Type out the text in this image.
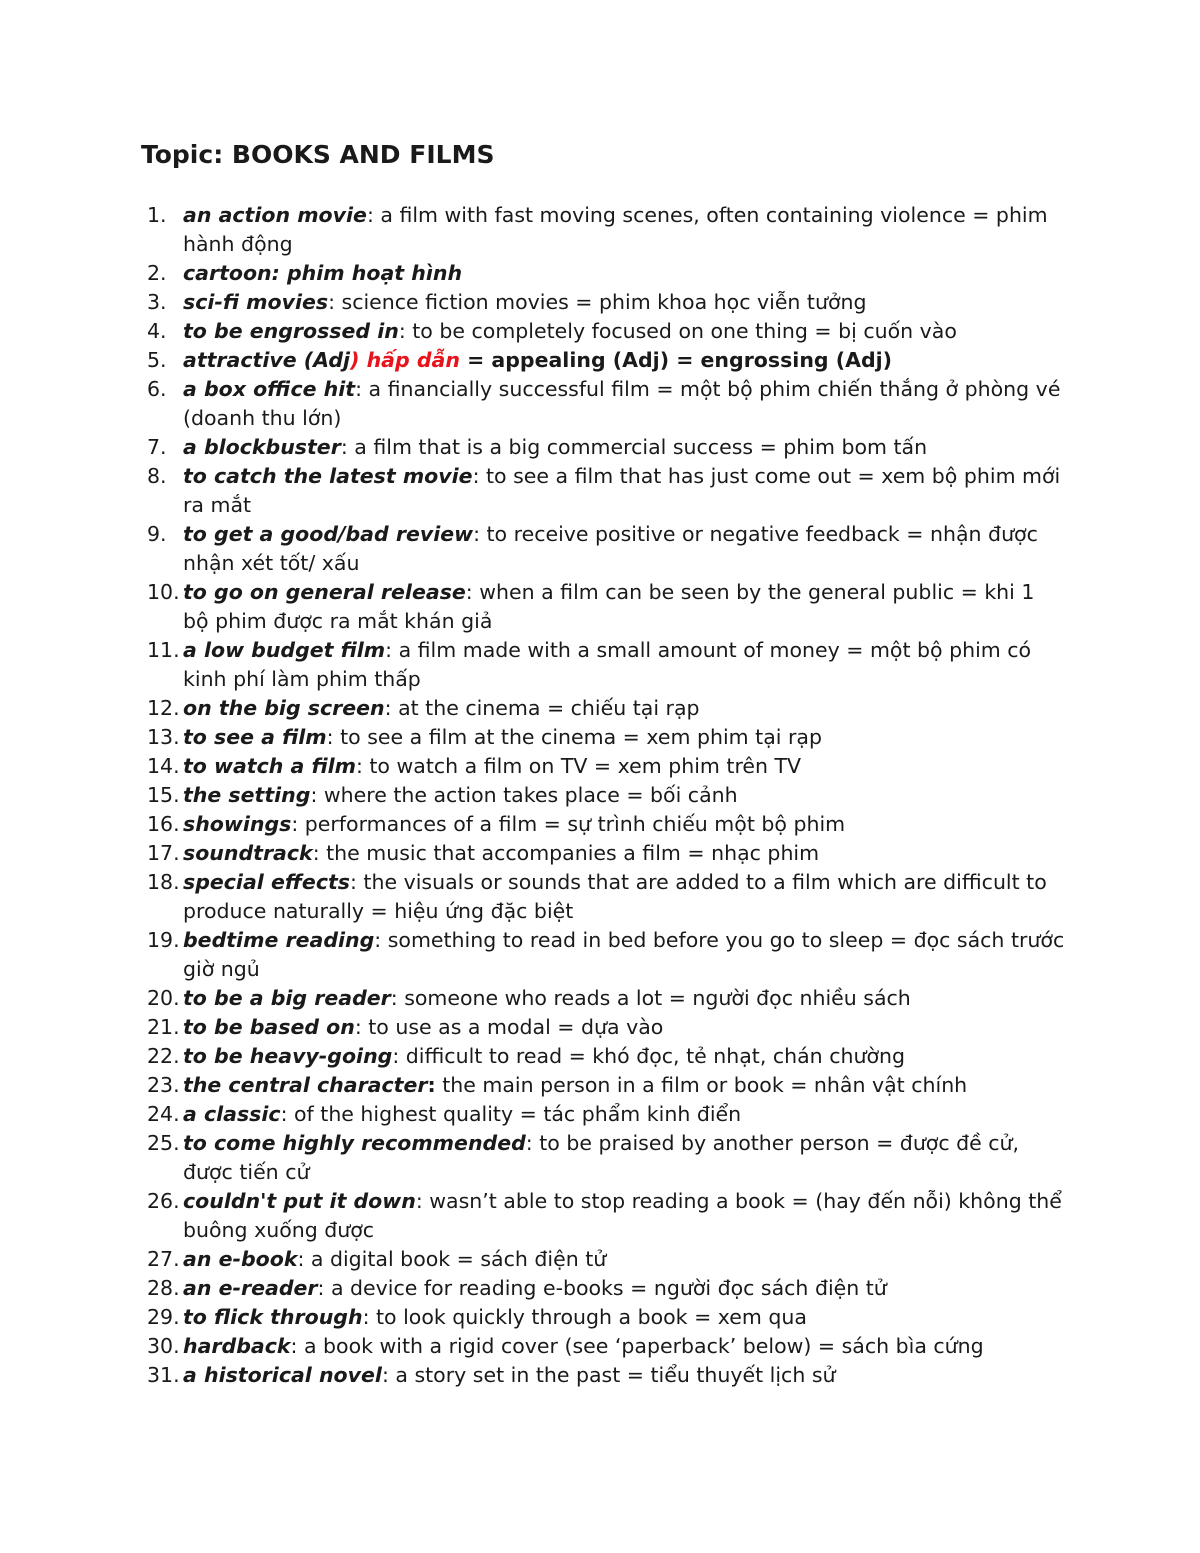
Topic: BOOKS AND FILMS
1. an action movie: a film with fast moving scenes, often containing violence = phim hành động
2. cartoon: phim hoạt hình
3. sci-fi movies: science fiction movies = phim khoa học viễn tưởng
4. to be engrossed in: to be completely focused on one thing = bị cuốn vào
5. attractive (Adj) hấp dẫn = appealing (Adj) = engrossing (Adj)
6. a box office hit: a financially successful film = một bộ phim chiến thắng ở phòng vé (doanh thu lớn)
7. a blockbuster: a film that is a big commercial success = phim bom tấn
8. to catch the latest movie: to see a film that has just come out = xem bộ phim mới ra mắt
9. to get a good/bad review: to receive positive or negative feedback = nhận được nhận xét tốt/ xấu
10. to go on general release: when a film can be seen by the general public = khi 1 bộ phim được ra mắt khán giả
11. a low budget film: a film made with a small amount of money = một bộ phim có kinh phí làm phim thấp
12. on the big screen: at the cinema = chiếu tại rạp
13. to see a film: to see a film at the cinema = xem phim tại rạp
14. to watch a film: to watch a film on TV = xem phim trên TV
15. the setting: where the action takes place = bối cảnh
16. showings: performances of a film = sự trình chiếu một bộ phim
17. soundtrack: the music that accompanies a film = nhạc phim
18. special effects: the visuals or sounds that are added to a film which are difficult to produce naturally = hiệu ứng đặc biệt
19. bedtime reading: something to read in bed before you go to sleep = đọc sách trước giờ ngủ
20. to be a big reader: someone who reads a lot = người đọc nhiều sách
21. to be based on: to use as a modal = dựa vào
22. to be heavy-going: difficult to read = khó đọc, tẻ nhạt, chán chường
23. the central character: the main person in a film or book = nhân vật chính
24. a classic: of the highest quality = tác phẩm kinh điển
25. to come highly recommended: to be praised by another person = được đề cử, được tiến cử
26. couldn't put it down: wasn’t able to stop reading a book = (hay đến nỗi) không thể buông xuống được
27. an e-book: a digital book = sách điện tử
28. an e-reader: a device for reading e-books = người đọc sách điện tử
29. to flick through: to look quickly through a book = xem qua
30. hardback: a book with a rigid cover (see ‘paperback’ below) = sách bìa cứng
31. a historical novel: a story set in the past = tiểu thuyết lịch sử
